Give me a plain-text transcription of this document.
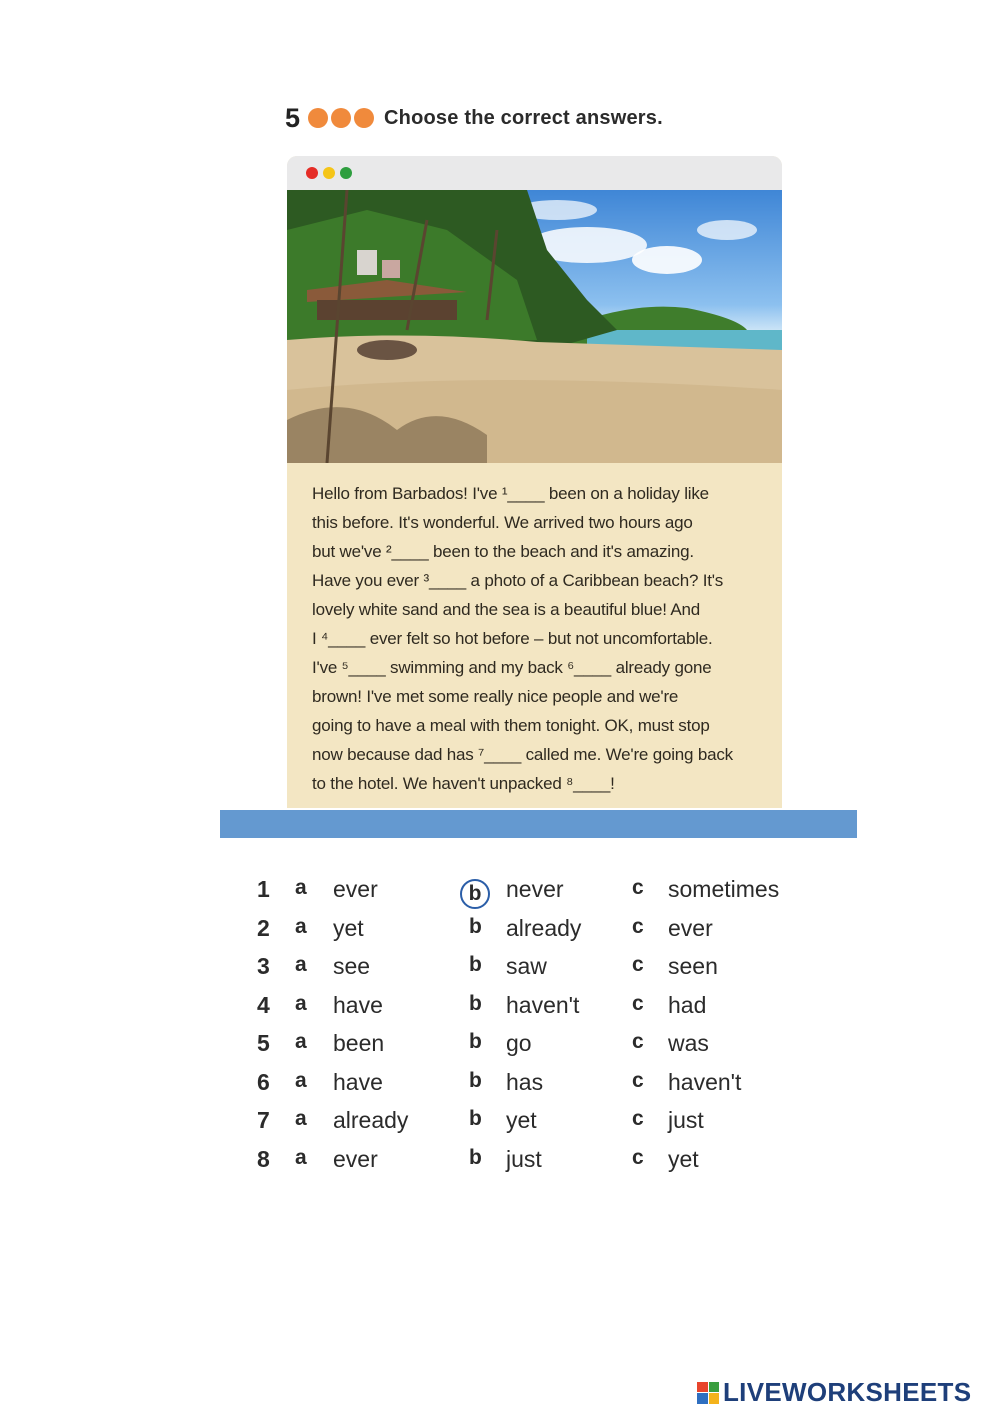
5	Choose the correct answers.

Hello from Barbados! I've ¹____ been on a holiday like

this before. It's wonderful. We arrived two hours ago

but we've ²____ been to the beach and it's amazing.

Have you ever ³____ a photo of a Caribbean beach? It's

lovely white sand and the sea is a beautiful blue! And

I ⁴____ ever felt so hot before – but not uncomfortable.

I've ⁵____ swimming and my back ⁶____ already gone

brown! I've met some really nice people and we're

going to have a meal with them tonight. OK, must stop

now because dad has ⁷____ called me. We're going back

to the hotel. We haven't unpacked ⁸____!

1 a ever	b	never	c sometimes
2 a yet	b already c ever
3 a see	b saw	c seen
4 a have	b haven't	c had
5 a been	b go	c was
6 a have	b has	c haven't
7 a already	b yet	c just
8 a ever	b just	c yet
LIVEWORKSHEETS
